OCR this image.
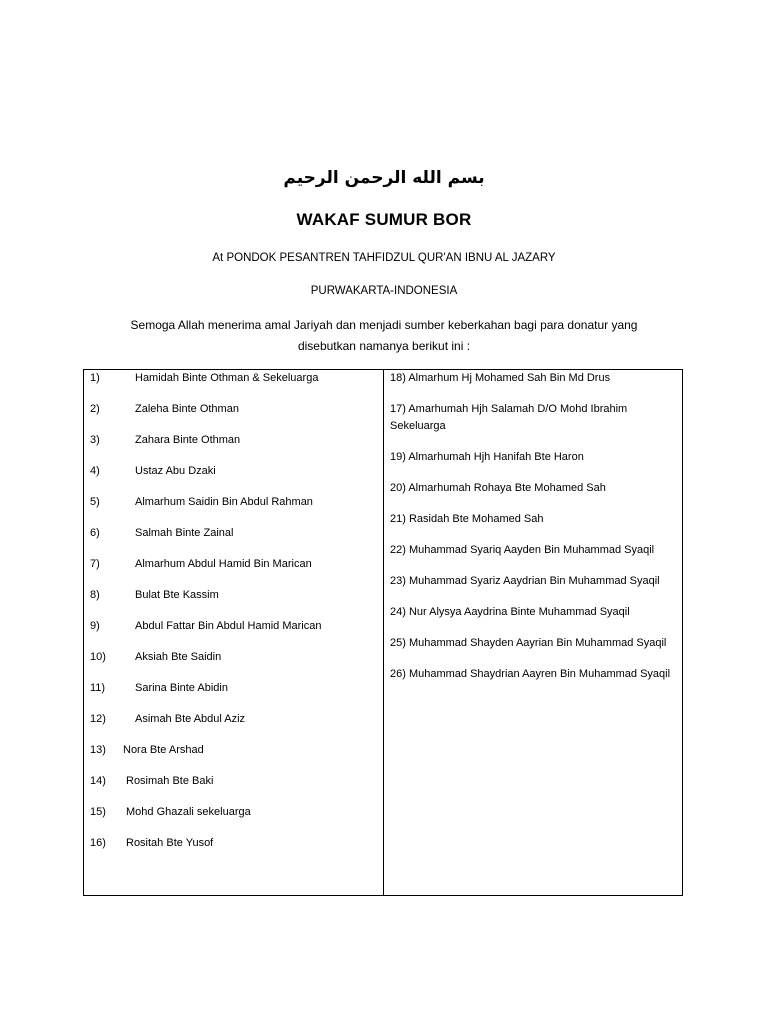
بسم الله الرحمن الرحيم
WAKAF SUMUR BOR
At PONDOK PESANTREN TAHFIDZUL QUR'AN IBNU AL JAZARY
PURWAKARTA-INDONESIA
Semoga Allah menerima amal Jariyah dan menjadi sumber keberkahan bagi para donatur yang disebutkan namanya berikut ini :
1)	Hamidah Binte Othman & Sekeluarga
2)	Zaleha Binte Othman
3)	Zahara Binte Othman
4)	Ustaz Abu Dzaki
5)	Almarhum Saidin Bin Abdul Rahman
6)	Salmah Binte Zainal
7)	Almarhum Abdul Hamid Bin Marican
8)	Bulat Bte Kassim
9)	Abdul Fattar Bin Abdul Hamid Marican
10)	Aksiah Bte Saidin
11)	Sarina Binte Abidin
12)	Asimah Bte Abdul Aziz
13) Nora Bte Arshad
14) Rosimah Bte Baki
15) Mohd Ghazali sekeluarga
16) Rositah Bte Yusof
18) Almarhum Hj Mohamed Sah Bin Md Drus
17) Amarhumah Hjh Salamah D/O Mohd Ibrahim Sekeluarga
19) Almarhumah Hjh Hanifah Bte Haron
20) Almarhumah Rohaya Bte Mohamed Sah
21) Rasidah Bte Mohamed Sah
22) Muhammad Syariq Aayden Bin Muhammad Syaqil
23) Muhammad Syariz Aaydrian Bin Muhammad Syaqil
24) Nur Alysya Aaydrina Binte Muhammad Syaqil
25) Muhammad Shayden Aayrian Bin Muhammad Syaqil
26) Muhammad Shaydrian Aayren Bin Muhammad Syaqil
